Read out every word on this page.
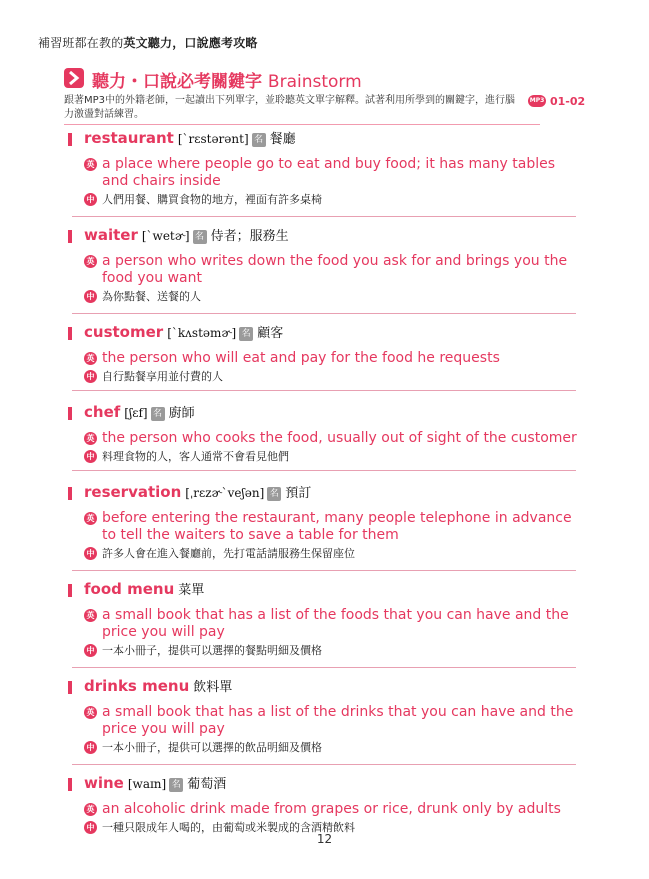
補習班都在教的英文聽力，口說應考攻略
聽力・口說必考關鍵字 Brainstorm
跟著MP3中的外籍老師，一起讀出下列單字，並聆聽英文單字解釋。試著利用所學到的關鍵字，進行腦力激盪對話練習。
MP3 01-02
restaurant [ˋrɛstərənt] 名 餐廳
英 a place where people go to eat and buy food; it has many tables and chairs inside
中 人們用餐、購買食物的地方，裡面有許多桌椅
waiter [ˋwetɚ] 名 侍者；服務生
英 a person who writes down the food you ask for and brings you the food you want
中 為你點餐、送餐的人
customer [ˋkʌstəmɚ] 名 顧客
英 the person who will eat and pay for the food he requests
中 自行點餐享用並付費的人
chef [ʃɛf] 名 廚師
英 the person who cooks the food, usually out of sight of the customer
中 料理食物的人，客人通常不會看見他們
reservation [ˌrɛzɚˋveʃən] 名 預訂
英 before entering the restaurant, many people telephone in advance to tell the waiters to save a table for them
中 許多人會在進入餐廳前，先打電話請服務生保留座位
food menu 菜單
英 a small book that has a list of the foods that you can have and the price you will pay
中 一本小冊子，提供可以選擇的餐點明細及價格
drinks menu 飲料單
英 a small book that has a list of the drinks that you can have and the price you will pay
中 一本小冊子，提供可以選擇的飲品明細及價格
wine [waɪn] 名 葡萄酒
英 an alcoholic drink made from grapes or rice, drunk only by adults
中 一種只限成年人喝的，由葡萄或米製成的含酒精飲料
12
